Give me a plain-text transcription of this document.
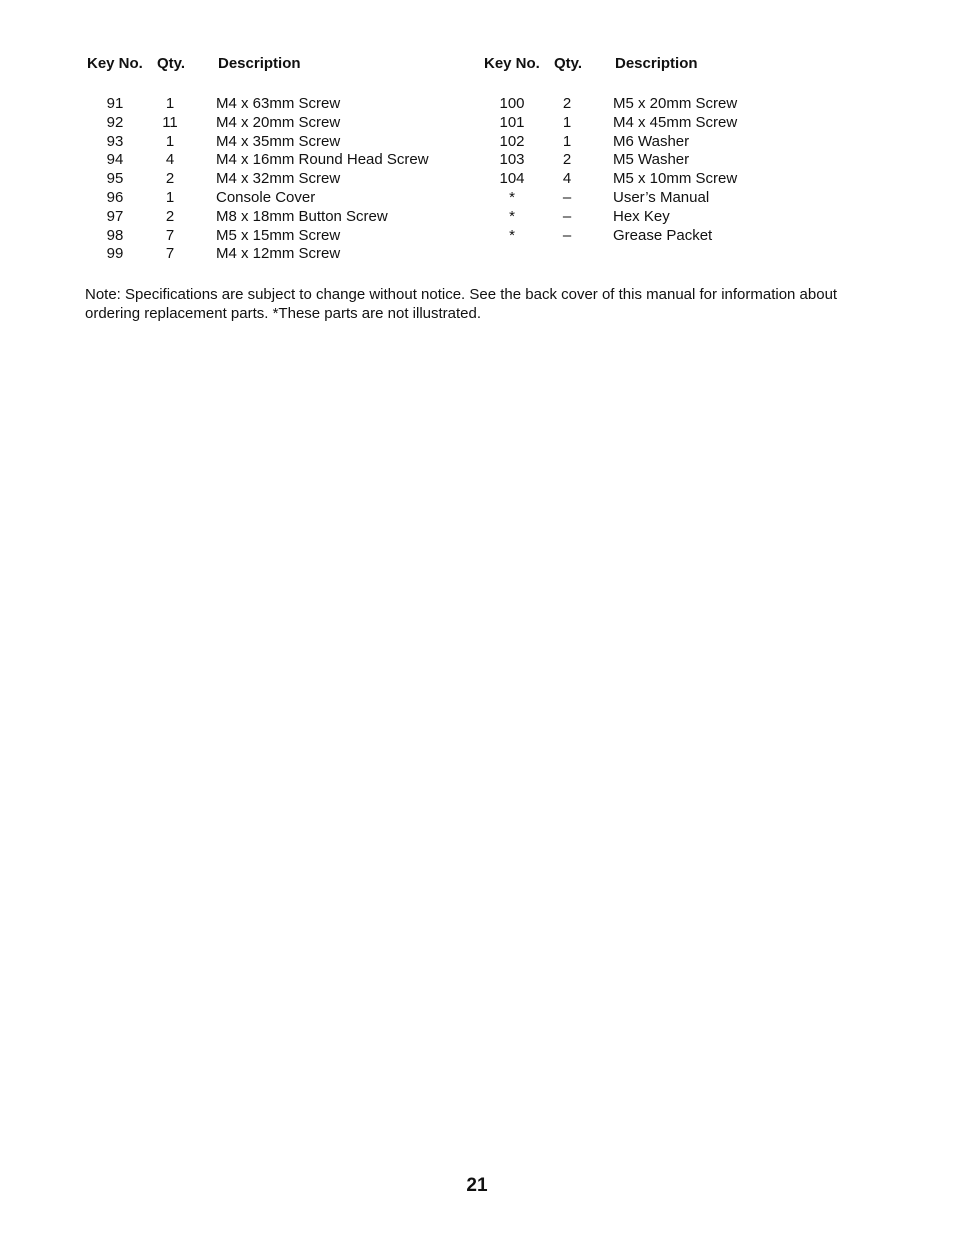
Key No. Qty. Description
91	1	M4 x 63mm Screw
92	11	M4 x 20mm Screw
93	1	M4 x 35mm Screw
94	4	M4 x 16mm Round Head Screw
95	2	M4 x 32mm Screw
96	1	Console Cover
97	2	M8 x 18mm Button Screw
98	7	M5 x 15mm Screw
99	7	M4 x 12mm Screw
Key No. Qty. Description
100	2	M5 x 20mm Screw
101	1	M4 x 45mm Screw
102	1	M6 Washer
103	2	M5 Washer
104	4	M5 x 10mm Screw
*	–	User’s Manual
*	–	Hex Key
*	–	Grease Packet

Note: Specifications are subject to change without notice. See the back cover of this manual for information about ordering replacement parts. *These parts are not illustrated.

21
